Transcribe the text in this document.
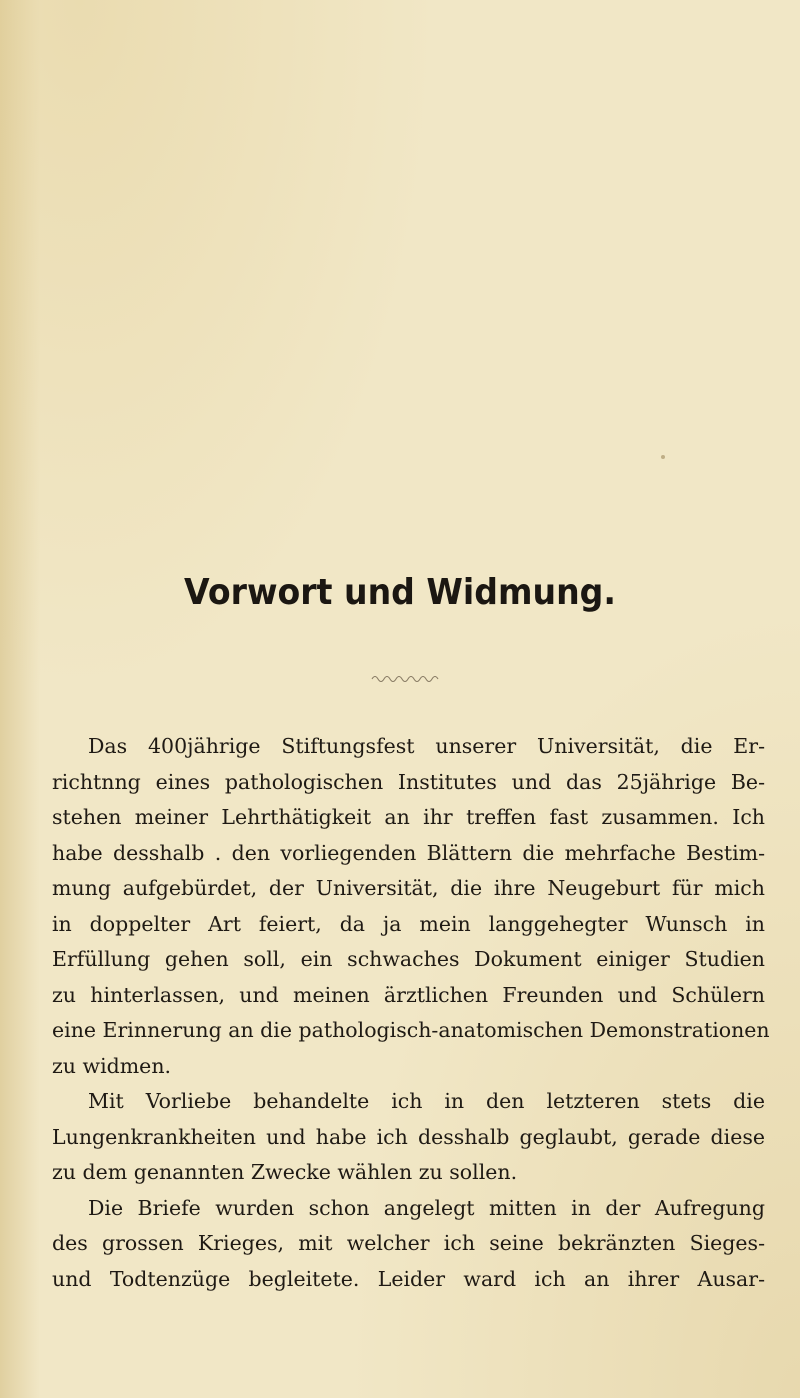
Vorwort und Widmung.
Das 400jährige Stiftungsfest unserer Universität, die Er-
richtnng eines pathologischen Institutes und das 25jährige Be-
stehen meiner Lehrthätigkeit an ihr treffen fast zusammen. Ich
habe desshalb . den vorliegenden Blättern die mehrfache Bestim-
mung aufgebürdet, der Universität, die ihre Neugeburt für mich
in doppelter Art feiert, da ja mein langgehegter Wunsch in
Erfüllung gehen soll, ein schwaches Dokument einiger Studien
zu hinterlassen, und meinen ärztlichen Freunden und Schülern
eine Erinnerung an die pathologisch-anatomischen Demonstrationen
zu widmen.
Mit Vorliebe behandelte ich in den letzteren stets die
Lungenkrankheiten und habe ich desshalb geglaubt, gerade diese
zu dem genannten Zwecke wählen zu sollen.
Die Briefe wurden schon angelegt mitten in der Aufregung
des grossen Krieges, mit welcher ich seine bekränzten Sieges-
und Todtenzüge begleitete. Leider ward ich an ihrer Ausar-
